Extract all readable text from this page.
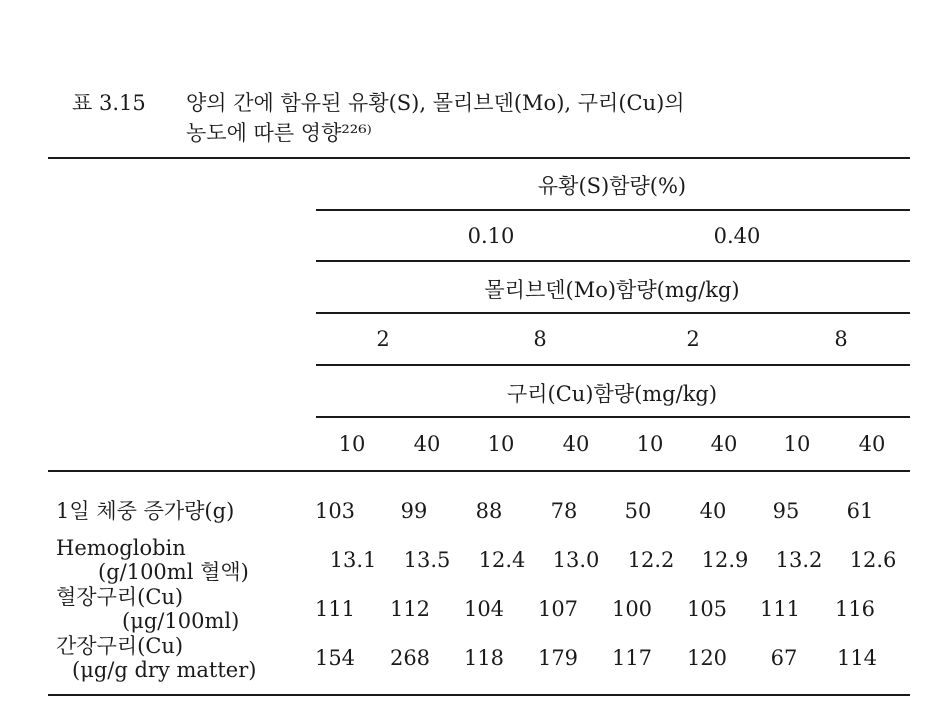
표 3.15 양의 간에 함유된 유황(S), 몰리브덴(Mo), 구리(Cu)의
농도에 따른 영향²²⁶⁾
유황(S)함량(%)
0.10	0.40
몰리브덴(Mo)함량(mg/kg)
2	8	2	8
구리(Cu)함량(mg/kg)
10 40 10 40 10 40 10 40
1일 체중 증가량(g)	103 99 88 78 50 40 95 61
Hemoglobin
(g/100ml 혈액)	13.1 13.5 12.4 13.0 12.2 12.9 13.2 12.6
혈장구리(Cu)
(μg/100ml)	111 112 104 107 100 105 111 116
간장구리(Cu)
(μg/g dry matter)	154 268 118 179 117 120 67 114
